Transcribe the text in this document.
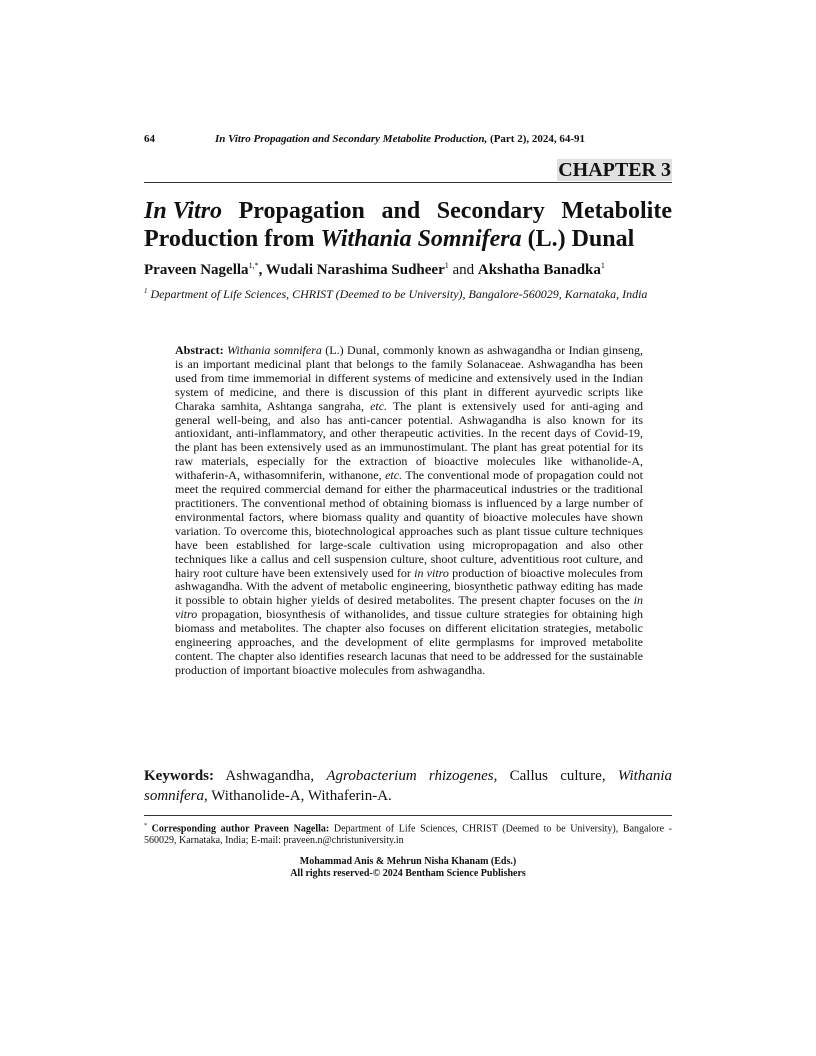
64	In Vitro Propagation and Secondary Metabolite Production, (Part 2), 2024, 64-91
CHAPTER 3
In Vitro Propagation and Secondary Metabolite
Production from Withania Somnifera (L.) Dunal
Praveen Nagella$^{1,*}$, Wudali Narashima Sudheer$^1$ and Akshatha Banadka$^1$
$^1$ Department of Life Sciences, CHRIST (Deemed to be University), Bangalore-560029, Karnataka, India
Abstract: Withania somnifera (L.) Dunal, commonly known as ashwagandha or Indian ginseng, is an important medicinal plant that belongs to the family Solanaceae. Ashwagandha has been used from time immemorial in different systems of medicine and extensively used in the Indian system of medicine, and there is discussion of this plant in different ayurvedic scripts like Charaka samhita, Ashtanga sangraha, etc. The plant is extensively used for anti-aging and general well-being, and also has anti-cancer potential. Ashwagandha is also known for its antioxidant, anti-inflammatory, and other therapeutic activities. In the recent days of Covid-19, the plant has been extensively used as an immunostimulant. The plant has great potential for its raw materials, especially for the extraction of bioactive molecules like withanolide-A, withaferin-A, withasomniferin, withanone, etc. The conventional mode of propagation could not meet the required commercial demand for either the pharmaceutical industries or the traditional practitioners. The conventional method of obtaining biomass is influenced by a large number of environmental factors, where biomass quality and quantity of bioactive molecules have shown variation. To overcome this, biotechnological approaches such as plant tissue culture techniques have been established for large-scale cultivation using micropropagation and also other techniques like a callus and cell suspension culture, shoot culture, adventitious root culture, and hairy root culture have been extensively used for in vitro production of bioactive molecules from ashwagandha. With the advent of metabolic engineering, biosynthetic pathway editing has made it possible to obtain higher yields of desired metabolites. The present chapter focuses on the in vitro propagation, biosynthesis of withanolides, and tissue culture strategies for obtaining high biomass and metabolites. The chapter also focuses on different elicitation strategies, metabolic engineering approaches, and the development of elite germplasms for improved metabolite content. The chapter also identifies research lacunas that need to be addressed for the sustainable production of important bioactive molecules from ashwagandha.
Keywords: Ashwagandha, Agrobacterium rhizogenes, Callus culture, Withania somnifera, Withanolide-A, Withaferin-A.
* Corresponding author Praveen Nagella: Department of Life Sciences, CHRIST (Deemed to be University), Bangalore - 560029, Karnataka, India; E-mail: praveen.n@christuniversity.in
Mohammad Anis & Mehrun Nisha Khanam (Eds.)
All rights reserved-© 2024 Bentham Science Publishers
